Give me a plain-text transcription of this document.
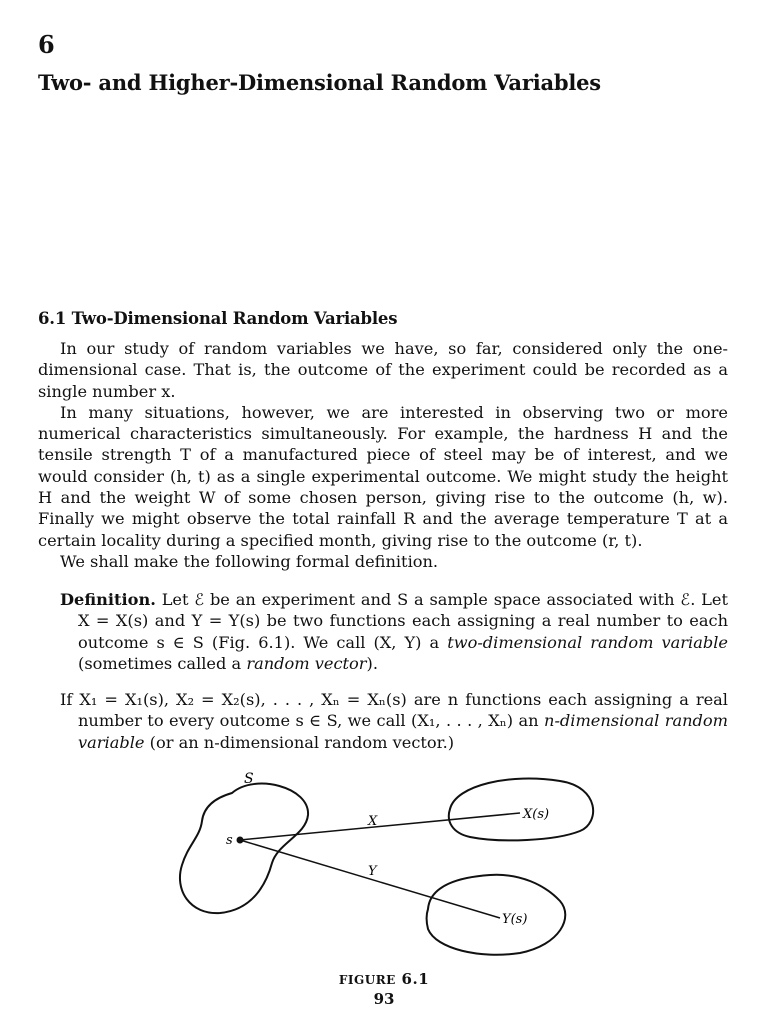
6
Two- and Higher-Dimensional Random Variables
6.1 Two-Dimensional Random Variables

In our study of random variables we have, so far, considered only the one-dimensional case. That is, the outcome of the experiment could be recorded as a single number x.

In many situations, however, we are interested in observing two or more numerical characteristics simultaneously. For example, the hardness H and the tensile strength T of a manufactured piece of steel may be of interest, and we would consider (h, t) as a single experimental outcome. We might study the height H and the weight W of some chosen person, giving rise to the outcome (h, w). Finally we might observe the total rainfall R and the average temperature T at a certain locality during a specified month, giving rise to the outcome (r, t).

We shall make the following formal definition.

Definition. Let ℰ be an experiment and S a sample space associated with ℰ. Let X = X(s) and Y = Y(s) be two functions each assigning a real number to each outcome s ∈ S (Fig. 6.1). We call (X, Y) a two-dimensional random variable (sometimes called a random vector).

If X₁ = X₁(s), X₂ = X₂(s), . . . , Xₙ = Xₙ(s) are n functions each assigning a real number to every outcome s ∈ S, we call (X₁, . . . , Xₙ) an n-dimensional random variable (or an n-dimensional random vector.)

S
s
X
Y
X(s)
Y(s)
FIGURE 6.1
93
